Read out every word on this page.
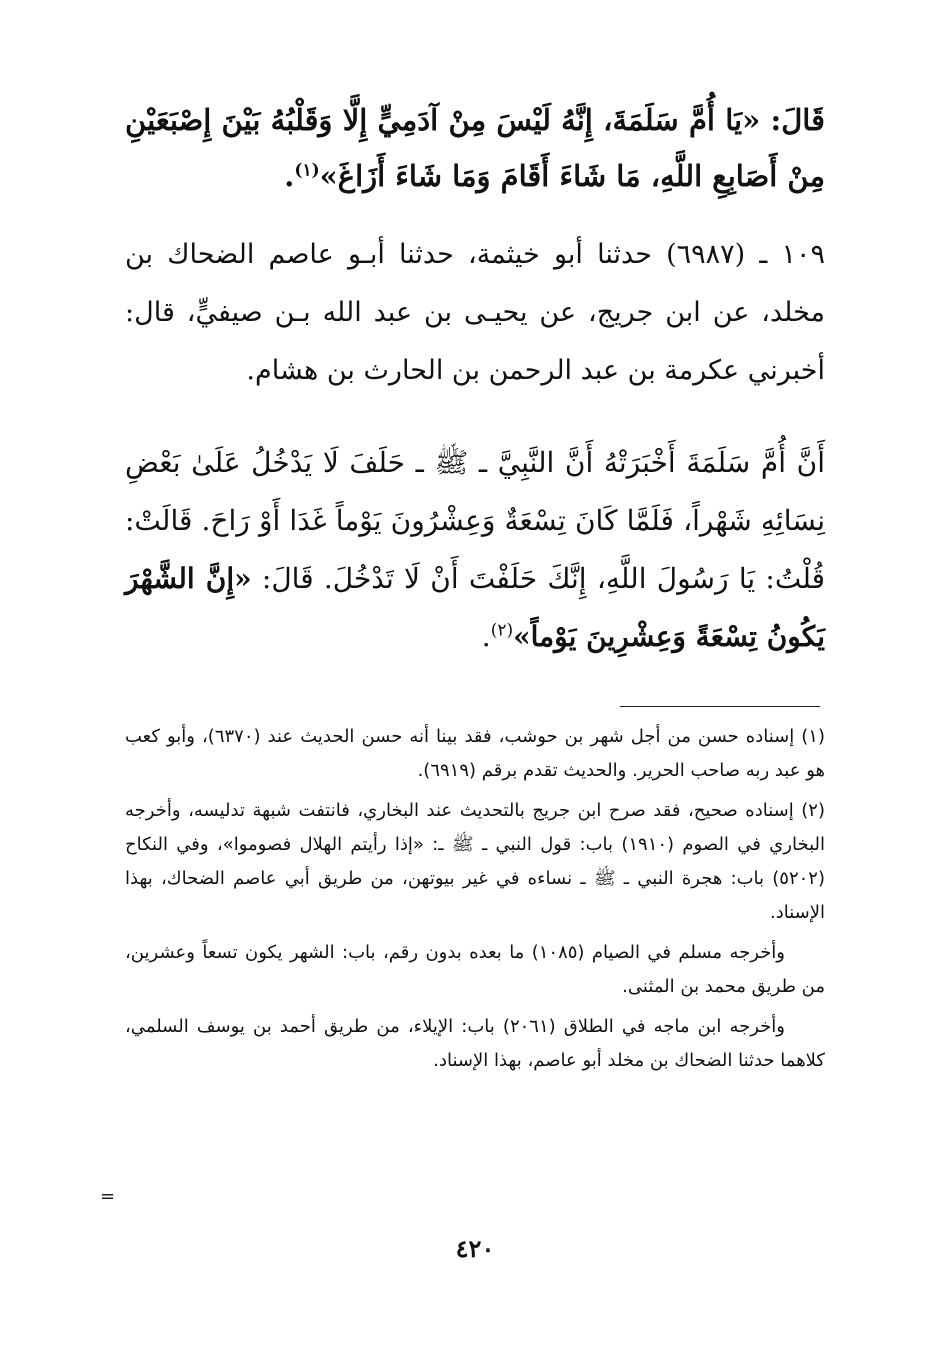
قَالَ: «يَا أُمَّ سَلَمَةَ، إِنَّهُ لَيْسَ مِنْ آدَمِيٍّ إِلَّا وَقَلْبُهُ بَيْنَ إِصْبَعَيْنِ مِنْ أَصَابِعِ اللَّهِ، مَا شَاءَ أَقَامَ وَمَا شَاءَ أَزَاغَ»$^{(١)}$.

١٠٩ ـ (٦٩٨٧) حدثنا أبو خيثمة، حدثنا أبـو عاصم الضحاك بن مخلد، عن ابن جريج، عن يحيـى بن عبد الله بـن صيفيٍّ، قال: أخبرني عكرمة بن عبد الرحمن بن الحارث بن هشام.

أَنَّ أُمَّ سَلَمَةَ أَخْبَرَتْهُ أَنَّ النَّبِيَّ ـ ﷺ ـ حَلَفَ لَا يَدْخُلُ عَلَىٰ بَعْضِ نِسَائِهِ شَهْراً، فَلَمَّا كَانَ تِسْعَةٌ وَعِشْرُونَ يَوْماً غَدَا أَوْ رَاحَ. قَالَتْ: قُلْتُ: يَا رَسُولَ اللَّهِ، إِنَّكَ حَلَفْتَ أَنْ لَا تَدْخُلَ. قَالَ: «إِنَّ الشَّهْرَ يَكُونُ تِسْعَةً وَعِشْرِينَ يَوْماً»$^{(٢)}$.

(١) إسناده حسن من أجل شهر بن حوشب، فقد بينا أنه حسن الحديث عند (٦٣٧٠)، وأبو كعب هو عبد ربه صاحب الحرير. والحديث تقدم برقم (٦٩١٩).

(٢) إسناده صحيح، فقد صرح ابن جريج بالتحديث عند البخاري، فانتفت شبهة تدليسه، وأخرجه البخاري في الصوم (١٩١٠) باب: قول النبي ـ ﷺ ـ: «إذا رأيتم الهلال فصوموا»، وفي النكاح (٥٢٠٢) باب: هجرة النبي ـ ﷺ ـ نساءه في غير بيوتهن، من طريق أبي عاصم الضحاك، بهذا الإسناد.

وأخرجه مسلم في الصيام (١٠٨٥) ما بعده بدون رقم، باب: الشهر يكون تسعاً وعشرين، من طريق محمد بن المثنى.

وأخرجه ابن ماجه في الطلاق (٢٠٦١) باب: الإيلاء، من طريق أحمد بن يوسف السلمي، كلاهما حدثنا الضحاك بن مخلد أبو عاصم، بهذا الإسناد.

=
٤٢٠
